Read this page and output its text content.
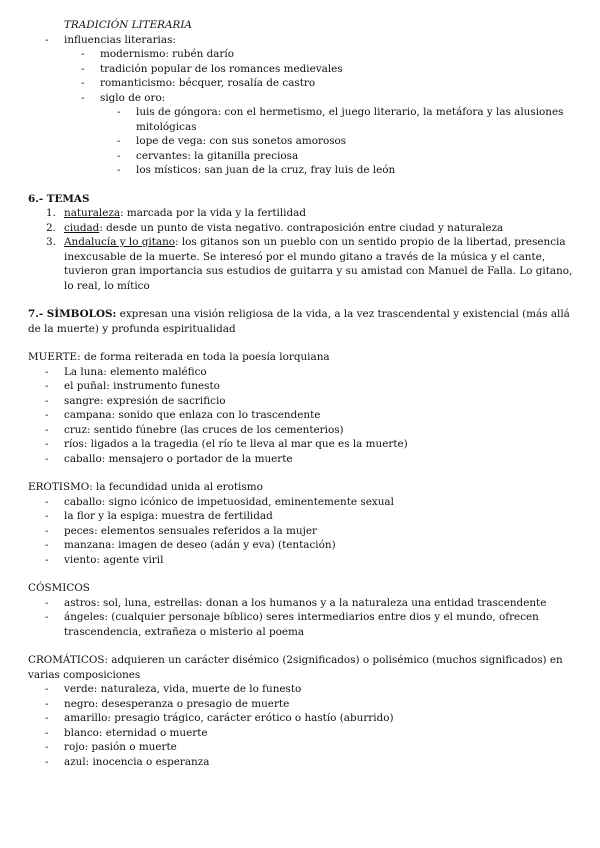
TRADICIÓN LITERARIA
- influencias literarias:
- modernismo: rubén darío
- tradición popular de los romances medievales
- romanticismo: bécquer, rosalía de castro
- siglo de oro:
- luis de góngora: con el hermetismo, el juego literario, la metáfora y las alusiones mitológicas
- lope de vega: con sus sonetos amorosos
- cervantes: la gitanilla preciosa
- los místicos: san juan de la cruz, fray luis de león
6.- TEMAS
1. naturaleza: marcada por la vida y la fertilidad
2. ciudad: desde un punto de vista negativo. contraposición entre ciudad y naturaleza
3. Andalucía y lo gitano: los gitanos son un pueblo con un sentido propio de la libertad, presencia inexcusable de la muerte. Se interesó por el mundo gitano a través de la música y el cante, tuvieron gran importancia sus estudios de guitarra y su amistad con Manuel de Falla. Lo gitano, lo real, lo mítico
7.- SÍMBOLOS: expresan una visión religiosa de la vida, a la vez trascendental y existencial (más allá de la muerte) y profunda espiritualidad
MUERTE: de forma reiterada en toda la poesía lorquiana
- La luna: elemento maléfico
- el puñal: instrumento funesto
- sangre: expresión de sacrificio
- campana: sonido que enlaza con lo trascendente
- cruz: sentido fúnebre (las cruces de los cementerios)
- ríos: ligados a la tragedia (el río te lleva al mar que es la muerte)
- caballo: mensajero o portador de la muerte
EROTISMO: la fecundidad unida al erotismo
- caballo: signo icónico de impetuosidad, eminentemente sexual
- la flor y la espiga: muestra de fertilidad
- peces: elementos sensuales referidos a la mujer
- manzana: imagen de deseo (adán y eva) (tentación)
- viento: agente viril
CÓSMICOS
- astros: sol, luna, estrellas: donan a los humanos y a la naturaleza una entidad trascendente
- ángeles: (cualquier personaje bíblico) seres intermediarios entre dios y el mundo, ofrecen trascendencia, extrañeza o misterio al poema
CROMÁTICOS: adquieren un carácter disémico (2significados) o polisémico (muchos significados) en varias composiciones
- verde: naturaleza, vida, muerte de lo funesto
- negro: desesperanza o presagio de muerte
- amarillo: presagio trágico, carácter erótico o hastío (aburrido)
- blanco: eternidad o muerte
- rojo: pasión o muerte
- azul: inocencia o esperanza
